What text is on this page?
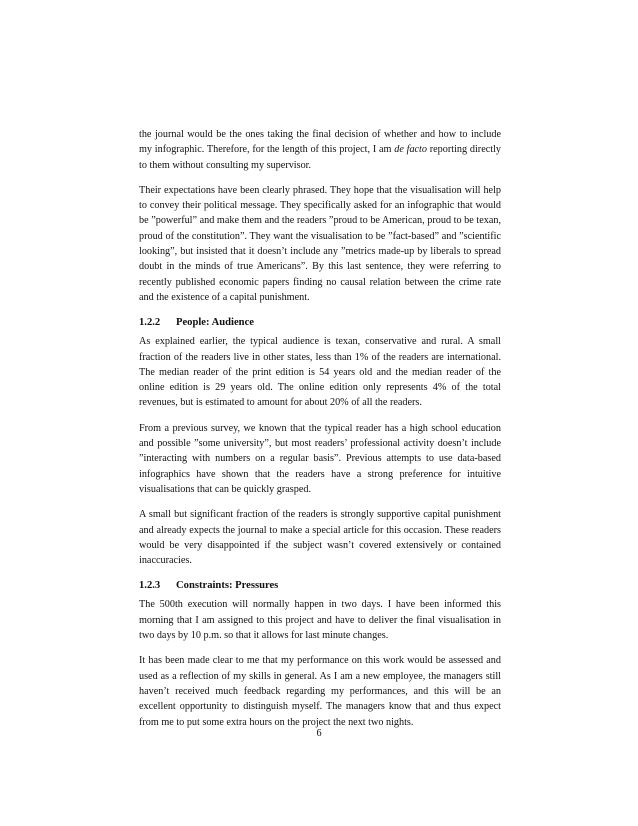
the journal would be the ones taking the final decision of whether and how to include my infographic. Therefore, for the length of this project, I am de facto reporting directly to them without consulting my supervisor.

Their expectations have been clearly phrased. They hope that the visualisation will help to convey their political message. They specifically asked for an infographic that would be ”powerful” and make them and the readers ”proud to be American, proud to be texan, proud of the constitution”. They want the visualisation to be ”fact-based” and ”scientific looking”, but insisted that it doesn’t include any ”metrics made-up by liberals to spread doubt in the minds of true Americans”. By this last sentence, they were referring to recently published economic papers finding no causal relation between the crime rate and the existence of a capital punishment.

1.2.2 People: Audience

As explained earlier, the typical audience is texan, conservative and rural. A small fraction of the readers live in other states, less than 1% of the readers are international. The median reader of the print edition is 54 years old and the median reader of the online edition is 29 years old. The online edition only represents 4% of the total revenues, but is estimated to amount for about 20% of all the readers.

From a previous survey, we known that the typical reader has a high school education and possible ”some university”, but most readers’ professional activity doesn’t include ”interacting with numbers on a regular basis”. Previous attempts to use data-based infographics have shown that the readers have a strong preference for intuitive visualisations that can be quickly grasped.

A small but significant fraction of the readers is strongly supportive capital punishment and already expects the journal to make a special article for this occasion. These readers would be very disappointed if the subject wasn’t covered extensively or contained inaccuracies.

1.2.3 Constraints: Pressures

The 500th execution will normally happen in two days. I have been informed this morning that I am assigned to this project and have to deliver the final visualisation in two days by 10 p.m. so that it allows for last minute changes.

It has been made clear to me that my performance on this work would be assessed and used as a reflection of my skills in general. As I am a new employee, the managers still haven’t received much feedback regarding my performances, and this will be an excellent opportunity to distinguish myself. The managers know that and thus expect from me to put some extra hours on the project the next two nights.

6
